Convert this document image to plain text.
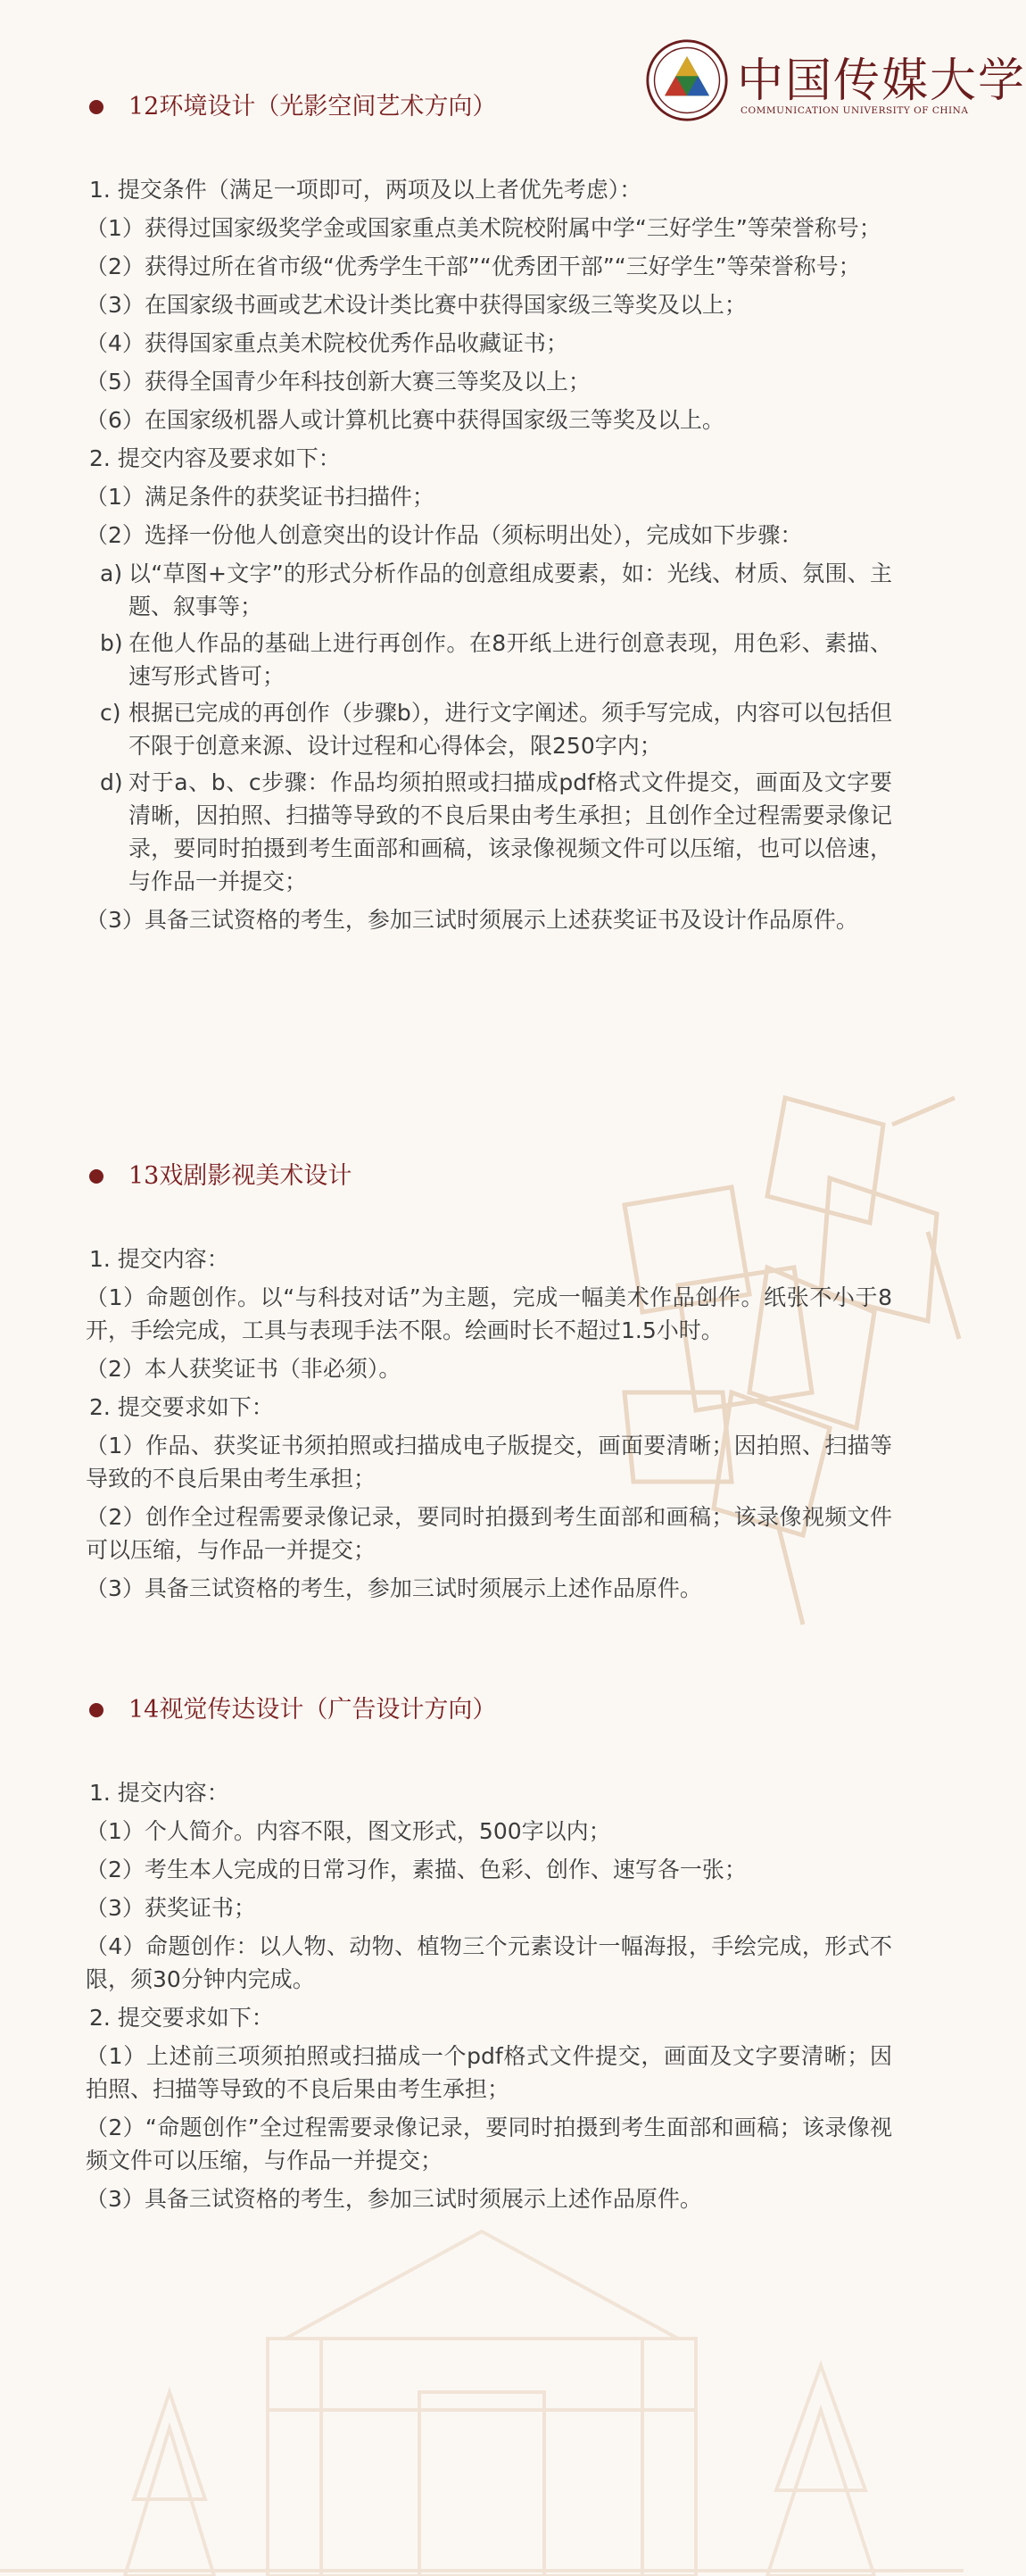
中国传媒大学
COMMUNICATION UNIVERSITY OF CHINA
12环境设计（光影空间艺术方向）

1. 提交条件（满足一项即可，两项及以上者优先考虑）：

（1）获得过国家级奖学金或国家重点美术院校附属中学“三好学生”等荣誉称号；

（2）获得过所在省市级“优秀学生干部”“优秀团干部”“三好学生”等荣誉称号；

（3）在国家级书画或艺术设计类比赛中获得国家级三等奖及以上；

（4）获得国家重点美术院校优秀作品收藏证书；

（5）获得全国青少年科技创新大赛三等奖及以上；

（6）在国家级机器人或计算机比赛中获得国家级三等奖及以上。

2. 提交内容及要求如下：

（1）满足条件的获奖证书扫描件；

（2）选择一份他人创意突出的设计作品（须标明出处），完成如下步骤：

a) 以“草图+文字”的形式分析作品的创意组成要素，如：光线、材质、氛围、主题、叙事等；
b) 在他人作品的基础上进行再创作。在8开纸上进行创意表现，用色彩、素描、速写形式皆可；
c) 根据已完成的再创作（步骤b），进行文字阐述。须手写完成，内容可以包括但不限于创意来源、设计过程和心得体会，限250字内；
d) 对于a、b、c步骤：作品均须拍照或扫描成pdf格式文件提交，画面及文字要清晰，因拍照、扫描等导致的不良后果由考生承担；且创作全过程需要录像记录，要同时拍摄到考生面部和画稿，该录像视频文件可以压缩，也可以倍速，与作品一并提交；

（3）具备三试资格的考生，参加三试时须展示上述获奖证书及设计作品原件。

13戏剧影视美术设计

1. 提交内容：

（1）命题创作。以“与科技对话”为主题，完成一幅美术作品创作。纸张不小于8开，手绘完成，工具与表现手法不限。绘画时长不超过1.5小时。

（2）本人获奖证书（非必须）。

2. 提交要求如下：

（1）作品、获奖证书须拍照或扫描成电子版提交，画面要清晰；因拍照、扫描等导致的不良后果由考生承担；

（2）创作全过程需要录像记录，要同时拍摄到考生面部和画稿；该录像视频文件可以压缩，与作品一并提交；

（3）具备三试资格的考生，参加三试时须展示上述作品原件。

14视觉传达设计（广告设计方向）

1. 提交内容：

（1）个人简介。内容不限，图文形式，500字以内；

（2）考生本人完成的日常习作，素描、色彩、创作、速写各一张；

（3）获奖证书；

（4）命题创作：以人物、动物、植物三个元素设计一幅海报，手绘完成，形式不限，须30分钟内完成。

2. 提交要求如下：

（1）上述前三项须拍照或扫描成一个pdf格式文件提交，画面及文字要清晰；因拍照、扫描等导致的不良后果由考生承担；

（2）“命题创作”全过程需要录像记录，要同时拍摄到考生面部和画稿；该录像视频文件可以压缩，与作品一并提交；

（3）具备三试资格的考生，参加三试时须展示上述作品原件。
